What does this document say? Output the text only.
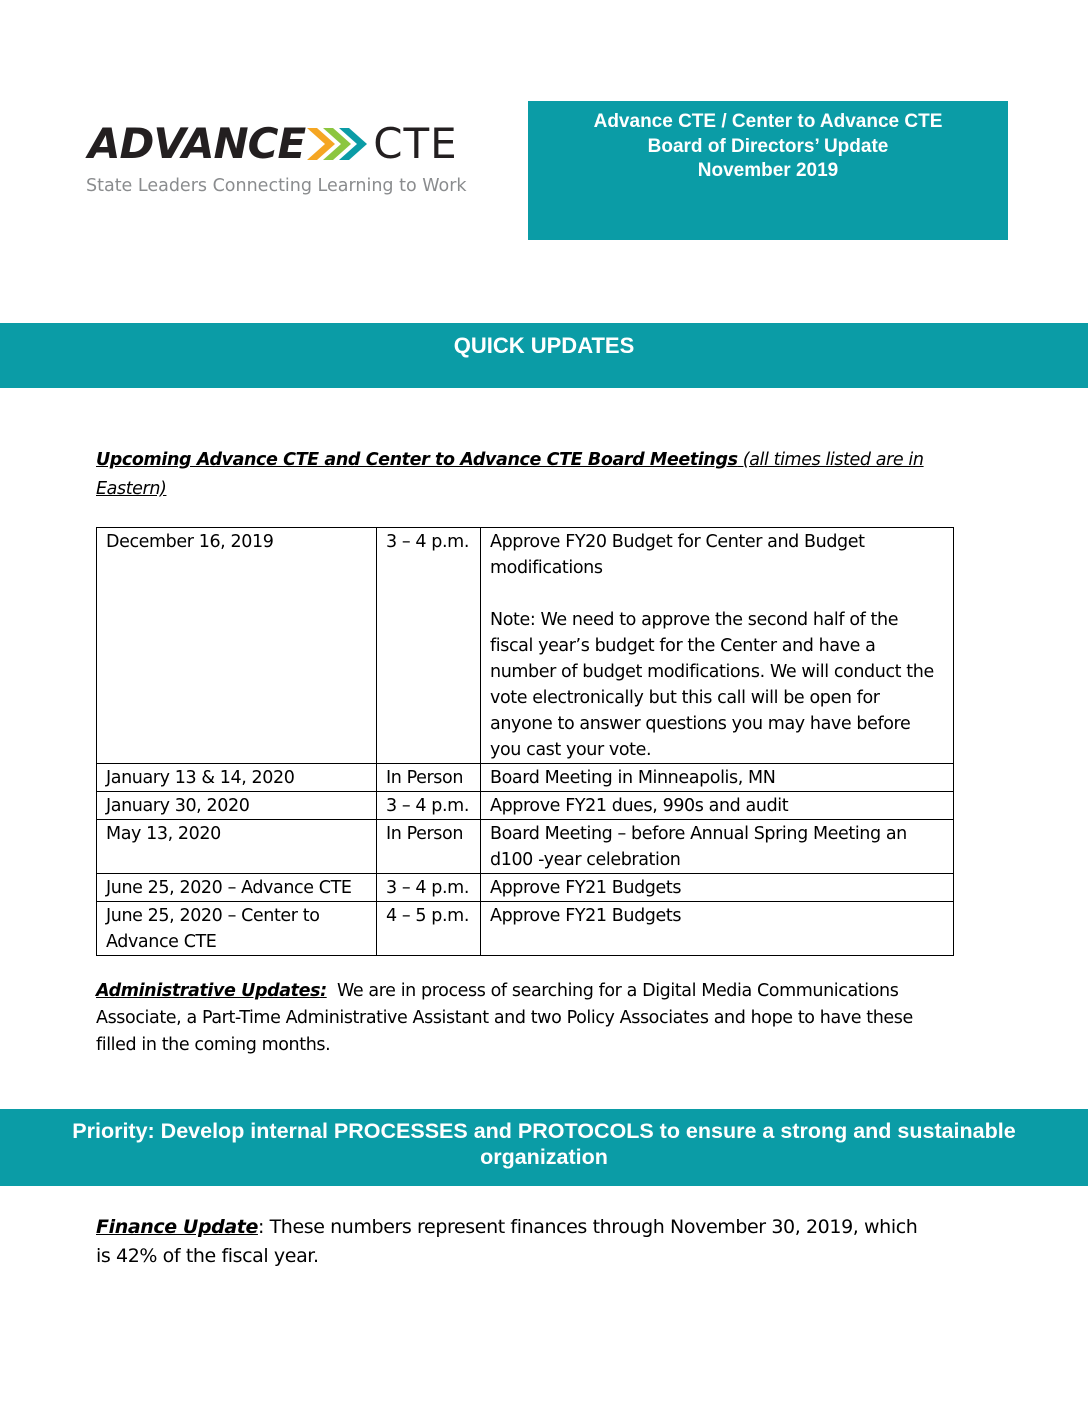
ADVANCE CTE
State Leaders Connecting Learning to Work
Advance CTE / Center to Advance CTE
Board of Directors’ Update
November 2019
QUICK UPDATES
Upcoming Advance CTE and Center to Advance CTE Board Meetings (all times listed are in Eastern)
December 16, 2019	3 – 4 p.m.	Approve FY20 Budget for Center and Budget modifications
Note: We need to approve the second half of the fiscal year’s budget for the Center and have a number of budget modifications. We will conduct the vote electronically but this call will be open for anyone to answer questions you may have before you cast your vote.

January 13 & 14, 2020	In Person	Board Meeting in Minneapolis, MN
January 30, 2020	3 – 4 p.m.	Approve FY21 dues, 990s and audit
May 13, 2020	In Person	Board Meeting – before Annual Spring Meeting an d100 -year celebration
June 25, 2020 – Advance CTE	3 – 4 p.m.	Approve FY21 Budgets
June 25, 2020 – Center to Advance CTE	4 – 5 p.m.	Approve FY21 Budgets
Administrative Updates:  We are in process of searching for a Digital Media Communications Associate, a Part-Time Administrative Assistant and two Policy Associates and hope to have these filled in the coming months.
Priority: Develop internal PROCESSES and PROTOCOLS to ensure a strong and sustainable organization
Finance Update: These numbers represent finances through November 30, 2019, which is 42% of the fiscal year.
